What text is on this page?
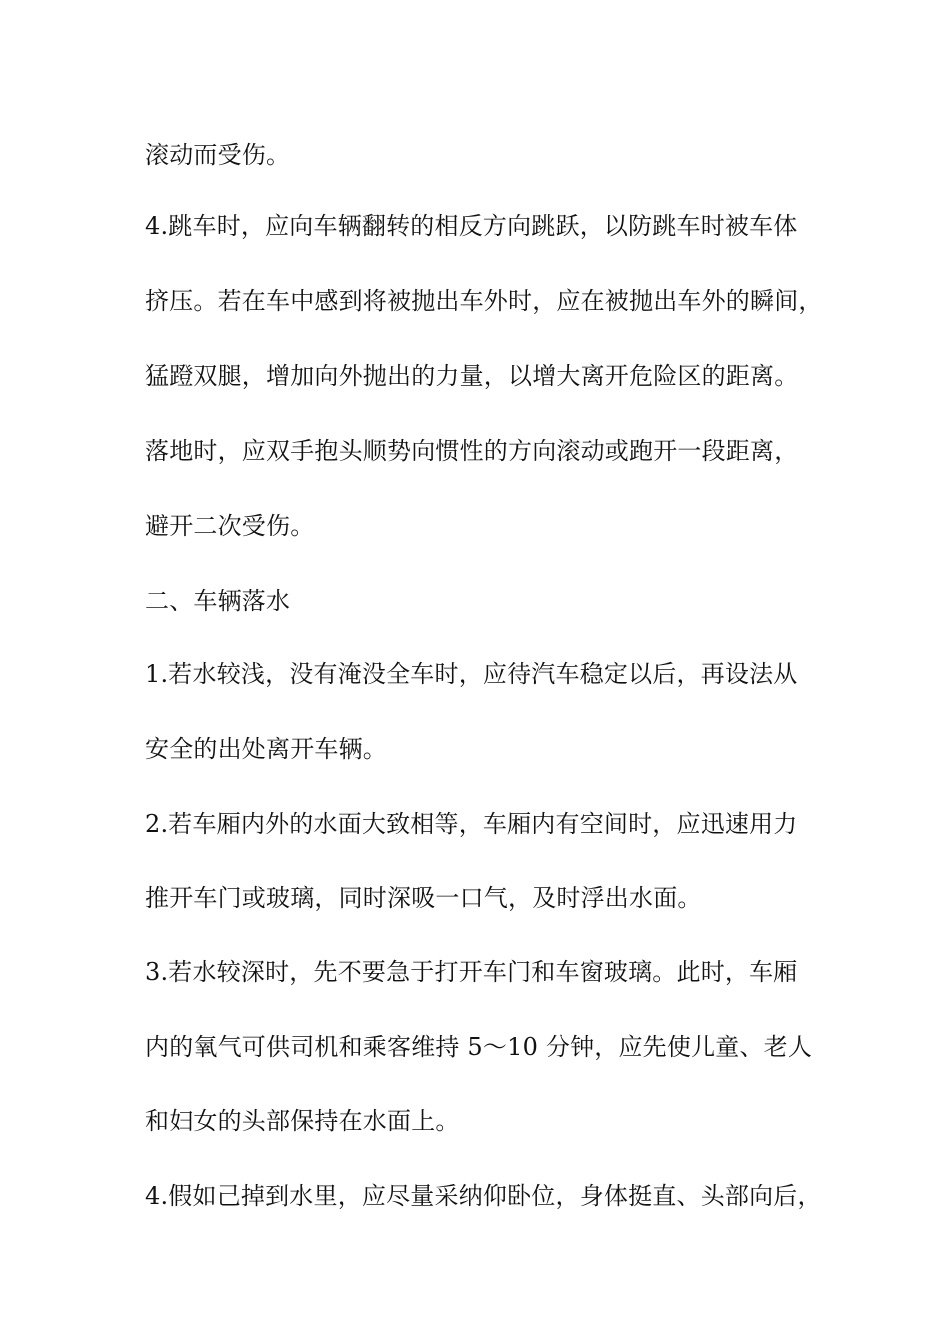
滚动而受伤。

4.跳车时，应向车辆翻转的相反方向跳跃，以防跳车时被车体

挤压。若在车中感到将被抛出车外时，应在被抛出车外的瞬间，

猛蹬双腿，增加向外抛出的力量，以增大离开危险区的距离。

落地时，应双手抱头顺势向惯性的方向滚动或跑开一段距离，

避开二次受伤。

二、车辆落水

1.若水较浅，没有淹没全车时，应待汽车稳定以后，再设法从

安全的出处离开车辆。

2.若车厢内外的水面大致相等，车厢内有空间时，应迅速用力

推开车门或玻璃，同时深吸一口气，及时浮出水面。

3.若水较深时，先不要急于打开车门和车窗玻璃。此时，车厢

内的氧气可供司机和乘客维持 5～10 分钟，应先使儿童、老人

和妇女的头部保持在水面上。

4.假如己掉到水里，应尽量采纳仰卧位，身体挺直、头部向后，
